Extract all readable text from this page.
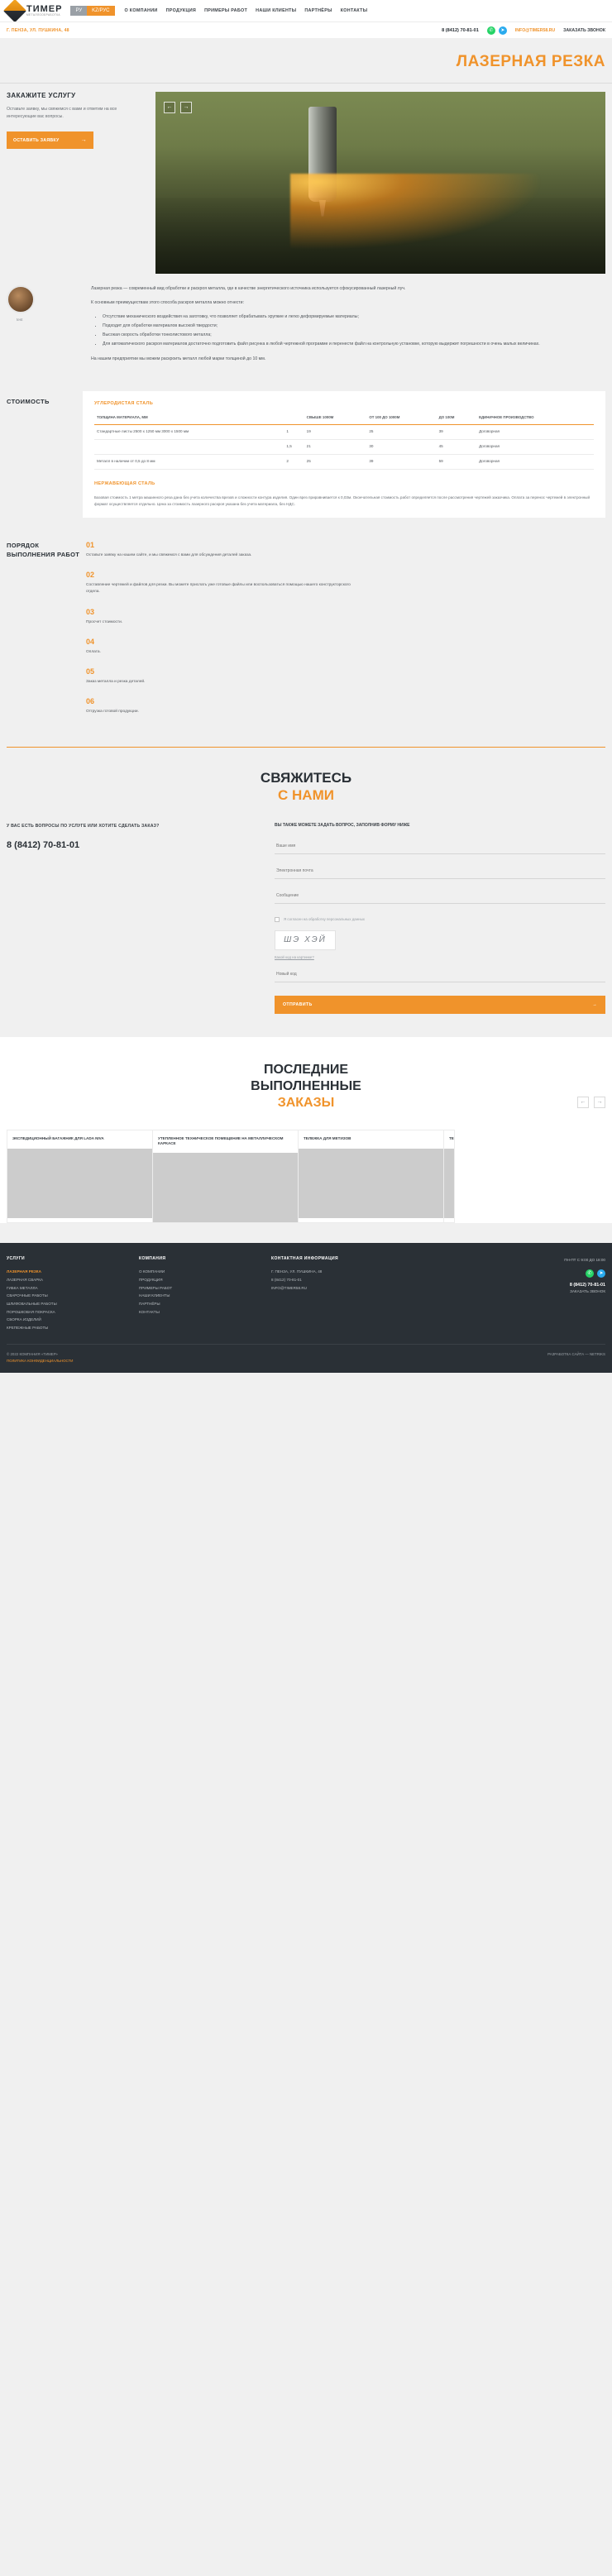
ТИМЕР
МЕТАЛЛООБРАБОТКА
РУ	KZ/РУС	О КОМПАНИИ ПРОДУКЦИЯ ПРИМЕРЫ РАБОТ НАШИ КЛИЕНТЫ ПАРТНЁРЫ КОНТАКТЫ
Г. ПЕНЗА, УЛ. ПУШКИНА, 48	8 (8412) 70-81-01	✆	➤	INFO@TIMER58.RU ЗАКАЗАТЬ ЗВОНОК
ЛАЗЕРНАЯ РЕЗКА
ЗАКАЖИТЕ УСЛУГУ

Оставьте заявку, мы свяжемся с вами и ответим на все интересующие вас вопросы.

ОСТАВИТЬ ЗАЯВКУ	→
←	→
test

Лазерная резка — современный вид обработки и раскроя металла, где в качестве энергетического источника используется сфокусированный лазерный луч.

К основным преимуществам этого способа раскроя металла можно отнести:

• Отсутствие механического воздействия на заготовку, что позволяет обрабатывать хрупкие и легко деформируемые материалы;
• Подходит для обработки материалов высокой твердости;
• Высокая скорость обработки тонколистового металла;
• Для автоматического раскроя материалов достаточно подготовить файл рисунка в любой чертежной программе и перенести файл на контрольную установке, которую выдержит погрешности в очень малых величинах.

На нашем предприятии мы можем раскроить металл любой марки толщиной до 10 мм.

СТОИМОСТЬ	УГЛЕРОДИСТАЯ СТАЛЬ
ТОЛЩИНА МАТЕРИАЛА, ММ		СВЫШЕ 1000М	ОТ 100 ДО 1000М	ДО 100М	ЕДИНИЧНОЕ ПРОИЗВОДСТВО
Стандартные листы 2500 х 1250 мм 3000 х 1500 мм	1	19	25	39	Договорная
	1,5	21	30	45	Договорная
Металл в наличии от 0,5 до 8 мм	2	25	39	59	Договорная
НЕРЖАВЕЮЩАЯ СТАЛЬ

Базовая стоимость 1 метра машинного реза дана без учета количества врезов и сложности контура изделия. Один врез приравнивается к 0,03м. Окончательная стоимость работ определяется после рассмотрения чертежей заказчика. Оплата за перенос чертежей в электронный формат осуществляется отдельно. Цена за стоимость лазерного раскроя указана без учета материала, без НДС.

ПОРЯДОК ВЫПОЛНЕНИЯ РАБОТ
01
Оставьте заявку на нашем сайте, и мы свяжемся с вами для обсуждения деталей заказа.
02
Составление чертежей и файлов для резки. Вы можете прислать уже готовые файлы или воспользоваться помощью нашего конструкторского отдела.
03
Просчет стоимости.
04
Оплата.
05
Заказ металла и резка деталей.
06
Отгрузка готовой продукции.
СВЯЖИТЕСЬ
С НАМИ
У ВАС ЕСТЬ ВОПРОСЫ ПО УСЛУГЕ ИЛИ ХОТИТЕ СДЕЛАТЬ ЗАКАЗ?
8 (8412) 70-81-01
ВЫ ТАКЖЕ МОЖЕТЕ ЗАДАТЬ ВОПРОС, ЗАПОЛНИВ ФОРМУ НИЖЕ
Ваше имя Электронная почта Сообщение
Я согласен на обработку персональных данных
ШЭ ХЭЙ
Какой код на картинке?
Новый код
ОТПРАВИТЬ	→
ПОСЛЕДНИЕ
ВЫПОЛНЕННЫЕ
ЗАКАЗЫ	←	→
ЭКСПЕДИЦИОННЫЙ БАГАЖНИК ДЛЯ LADA NIVA	УТЕПЛЕННОЕ ТЕХНИЧЕСКОЕ ПОМЕЩЕНИЕ НА МЕТАЛЛИЧЕСКОМ КАРКАСЕ
ТЕЛЕЖКА ДЛЯ МЕТИЗОВ	ТЕ
УСЛУГИ
ЛАЗЕРНАЯ РЕЗКА
ЛАЗЕРНАЯ СВАРКА
ГИБКА МЕТАЛЛА
СВАРОЧНЫЕ РАБОТЫ
ШЛИФОВАЛЬНЫЕ РАБОТЫ
ПОРОШКОВАЯ ПОКРАСКА
СБОРКА ИЗДЕЛИЙ
КРЕПЕЖНЫЕ РАБОТЫ
КОМПАНИЯ
О КОМПАНИИ
ПРОДУКЦИЯ
ПРИМЕРЫ РАБОТ
НАШИ КЛИЕНТЫ
ПАРТНЁРЫ
КОНТАКТЫ
КОНТАКТНАЯ ИНФОРМАЦИЯ
Г. ПЕНЗА, УЛ. ПУШКИНА, 48
8 (8412) 70-81-01
INFO@TIMER58.RU
ПН-ПТ С 9:00 ДО 18:00
✆	➤
8 (8412) 70-81-01
ЗАКАЗАТЬ ЗВОНОК
© 2022 КОМПАНИЯ «ТИМЕР»
ПОЛИТИКА КОНФИДЕНЦИАЛЬНОСТИ
РАЗРАБОТКА САЙТА — NETRIKS
